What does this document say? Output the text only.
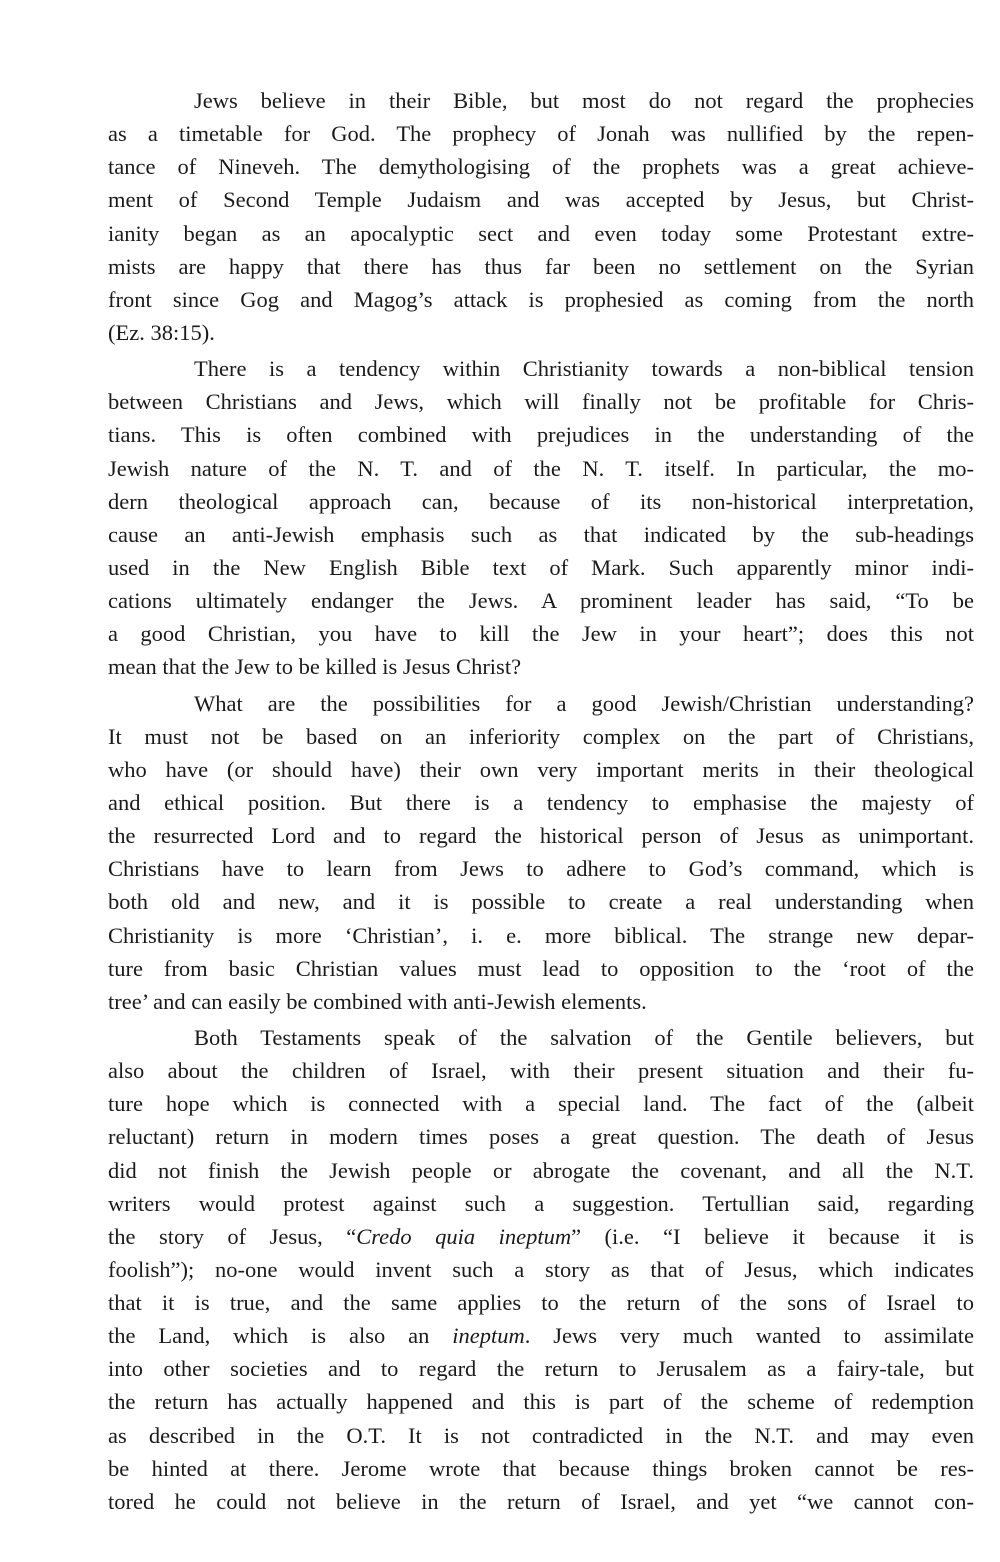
Jews believe in their Bible, but most do not regard the prophecies
as a timetable for God. The prophecy of Jonah was nullified by the repen-
tance of Nineveh. The demythologising of the prophets was a great achieve-
ment of Second Temple Judaism and was accepted by Jesus, but Christ-
ianity began as an apocalyptic sect and even today some Protestant extre-
mists are happy that there has thus far been no settlement on the Syrian
front since Gog and Magog’s attack is prophesied as coming from the north
(Ez. 38:15).
There is a tendency within Christianity towards a non-biblical tension
between Christians and Jews, which will finally not be profitable for Chris-
tians. This is often combined with prejudices in the understanding of the
Jewish nature of the N. T. and of the N. T. itself. In particular, the mo-
dern theological approach can, because of its non-historical interpretation,
cause an anti-Jewish emphasis such as that indicated by the sub-headings
used in the New English Bible text of Mark. Such apparently minor indi-
cations ultimately endanger the Jews. A prominent leader has said, “To be
a good Christian, you have to kill the Jew in your heart”; does this not
mean that the Jew to be killed is Jesus Christ?
What are the possibilities for a good Jewish/Christian understanding?
It must not be based on an inferiority complex on the part of Christians,
who have (or should have) their own very important merits in their theological
and ethical position. But there is a tendency to emphasise the majesty of
the resurrected Lord and to regard the historical person of Jesus as unimportant.
Christians have to learn from Jews to adhere to God’s command, which is
both old and new, and it is possible to create a real understanding when
Christianity is more ‘Christian’, i. e. more biblical. The strange new depar-
ture from basic Christian values must lead to opposition to the ‘root of the
tree’ and can easily be combined with anti-Jewish elements.
Both Testaments speak of the salvation of the Gentile believers, but
also about the children of Israel, with their present situation and their fu-
ture hope which is connected with a special land. The fact of the (albeit
reluctant) return in modern times poses a great question. The death of Jesus
did not finish the Jewish people or abrogate the covenant, and all the N.T.
writers would protest against such a suggestion. Tertullian said, regarding
the story of Jesus, “Credo quia ineptum” (i.e. “I believe it because it is
foolish”); no-one would invent such a story as that of Jesus, which indicates
that it is true, and the same applies to the return of the sons of Israel to
the Land, which is also an ineptum. Jews very much wanted to assimilate
into other societies and to regard the return to Jerusalem as a fairy-tale, but
the return has actually happened and this is part of the scheme of redemption
as described in the O.T. It is not contradicted in the N.T. and may even
be hinted at there. Jerome wrote that because things broken cannot be res-
tored he could not believe in the return of Israel, and yet “we cannot con-
